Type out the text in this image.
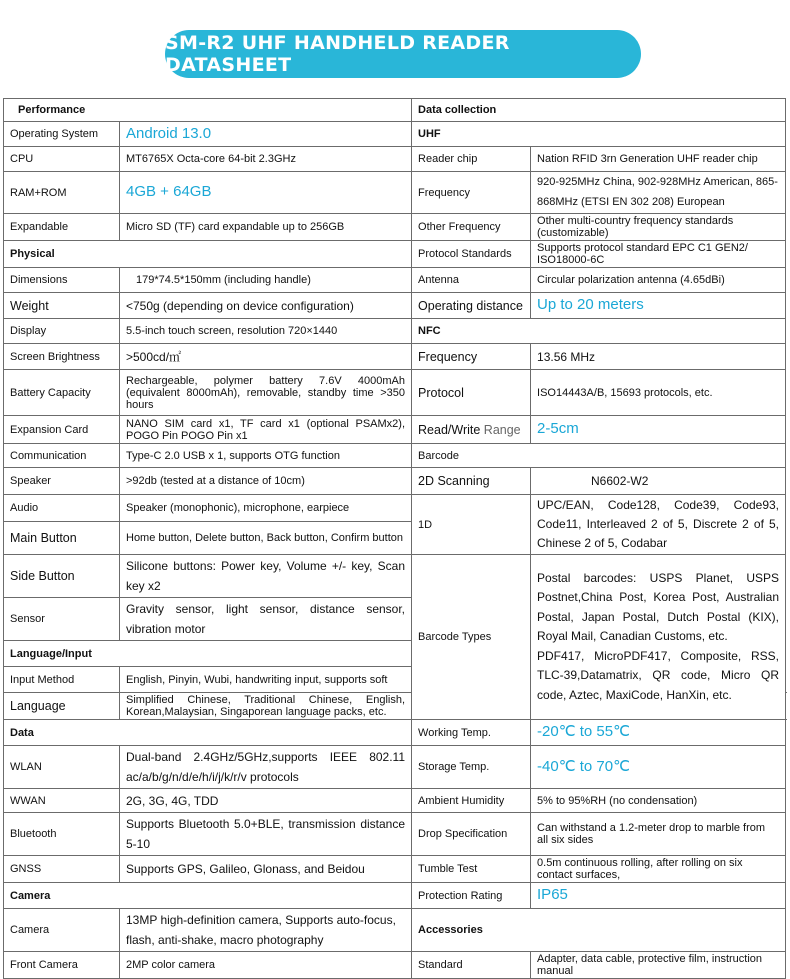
SM-R2 UHF HANDHELD READER DATASHEET
Performance		Data collection		
Operating System	Android 13.0	UHF		
CPU	MT6765X Octa-core 64-bit 2.3GHz	Reader chip	Nation RFID 3rn Generation UHF reader chip	
RAM+ROM	4GB + 64GB	Frequency	920-925MHz China, 902-928MHz American, 865-868MHz (ETSI EN 302 208) European	
Expandable	Micro SD (TF) card expandable up to 256GB	Other Frequency	Other multi-country frequency standards (customizable)	
Physical		Protocol Standards	Supports protocol standard EPC C1 GEN2/ ISO18000-6C	
Dimensions	179*74.5*150mm (including handle)	Antenna	Circular polarization antenna (4.65dBi)	
Weight	<750g (depending on device configuration)	Operating distance	Up to 20 meters	
Display	5.5-inch touch screen, resolution 720×1440	NFC		
Screen Brightness	>500cd/㎡	Frequency	13.56 MHz	
Battery Capacity	Rechargeable, polymer battery 7.6V 4000mAh (equivalent 8000mAh), removable, standby time >350 hours	Protocol	ISO14443A/B, 15693 protocols, etc.	
Expansion Card	NANO SIM card x1, TF card x1 (optional PSAMx2), POGO Pin POGO Pin x1	Read/Write Range	2-5cm	
Communication	Type-C 2.0 USB x 1, supports OTG function	Barcode		
Speaker	>92db (tested at a distance of 10cm)	2D Scanning	N6602-W2	
Audio	Speaker (monophonic), microphone, earpiece	1D	UPC/EAN, Code128, Code39, Code93, Code11, Interleaved 2 of 5, Discrete 2 of 5, Chinese 2 of 5, Codabar	
Main Button	Home button, Delete button, Back button, Confirm button			
Side Button	Silicone buttons: Power key, Volume +/- key, Scan key x2	Barcode Types	Postal barcodes: USPS Planet, USPS Postnet,China Post, Korea Post, Australian Postal, Japan Postal, Dutch Postal (KIX), Royal Mail, Canadian Customs, etc.
PDF417, MicroPDF417, Composite, RSS, TLC-39,Datamatrix, QR code, Micro QR code, Aztec, MaxiCode, HanXin, etc.	

Sensor	Gravity sensor, light sensor, distance sensor, vibration motor			
Language/Input				
Input Method	English, Pinyin, Wubi, handwriting input, supports soft			
Language	Simplified Chinese, Traditional Chinese, English, Korean,Malaysian, Singaporean language packs, etc.	
Data		Working Temp.	-20℃ to 55℃	
WLAN	Dual-band 2.4GHz/5GHz,supports IEEE 802.11 ac/a/b/g/n/d/e/h/i/j/k/r/v protocols	Storage Temp.	-40℃ to 70℃	
WWAN	2G, 3G, 4G, TDD	Ambient Humidity	5% to 95%RH (no condensation)	
Bluetooth	Supports Bluetooth 5.0+BLE, transmission distance 5-10	Drop Specification	Can withstand a 1.2-meter drop to marble from all six sides	
GNSS	Supports GPS, Galileo, Glonass, and Beidou	Tumble Test	0.5m continuous rolling, after rolling on six contact surfaces,	
Camera		Protection Rating	IP65	
Camera	13MP high-definition camera, Supports auto-focus, flash, anti-shake, macro photography	Accessories		
Front Camera	2MP color camera	Standard	Adapter, data cable, protective film, instruction manual	
